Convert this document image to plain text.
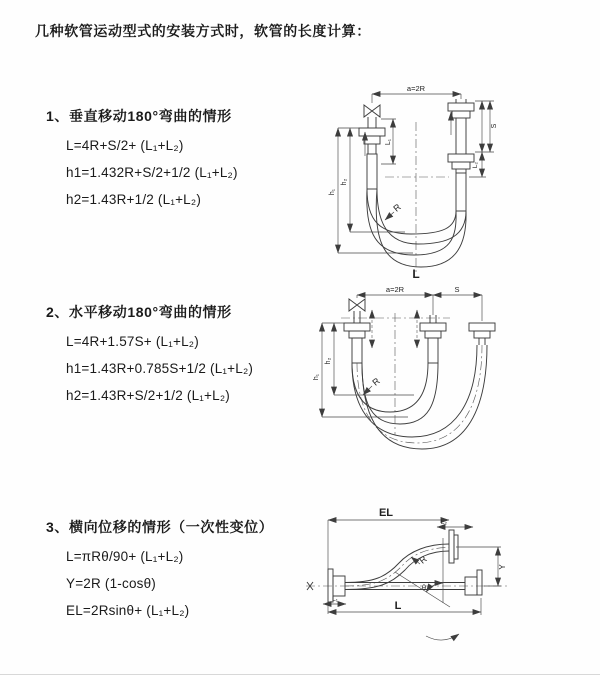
几种软管运动型式的安装方式时，软管的长度计算：
1、垂直移动180°弯曲的情形
L=4R+S/2+ (L₁+L₂)
h1=1.432R+S/2+1/2 (L₁+L₂)
h2=1.43R+1/2 (L₁+L₂)
2、水平移动180°弯曲的情形
L=4R+1.57S+ (L₁+L₂)
h1=1.43R+0.785S+1/2 (L₁+L₂)
h2=1.43R+S/2+1/2 (L₁+L₂)
3、横向位移的情形（一次性变位）
L=πRθ/90+ (L₁+L₂)
Y=2R (1-cosθ)
EL=2Rsinθ+ (L₁+L₂)
a=2R
L₁
h₂
h₁
S
L₂
R
L
a=2R	S
h₂
h₁	R
EL
L₂
Y
R
θ
L₁
L
